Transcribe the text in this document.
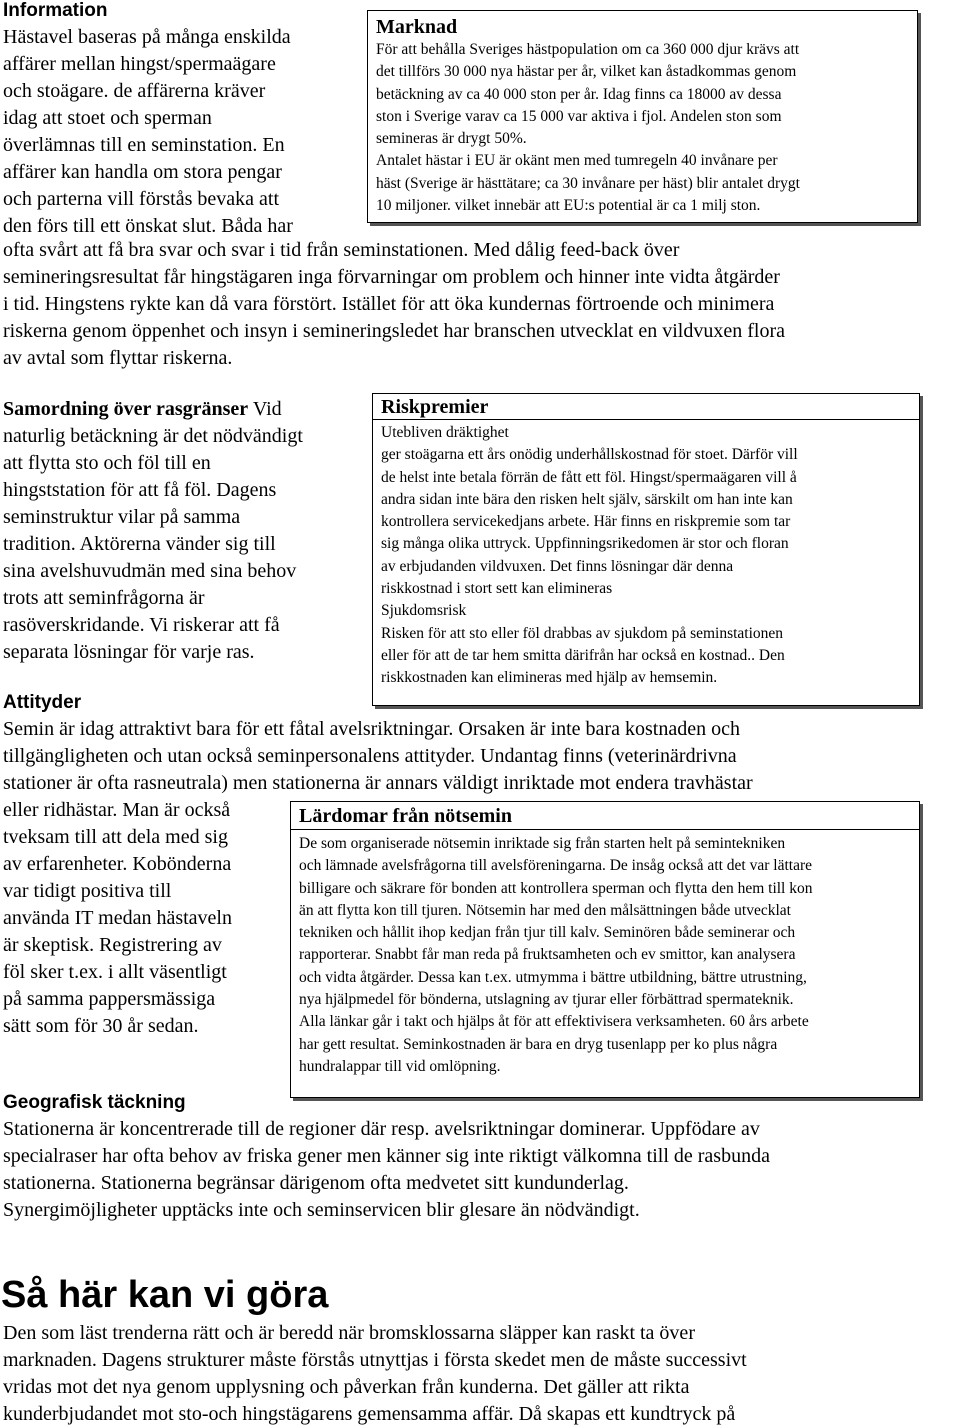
Information
Hästavel baseras på många enskilda
affärer mellan hingst/spermaägare
och stoägare. de affärerna kräver
idag att stoet och sperman
överlämnas till en seminstation. En
affärer kan handla om stora pengar
och parterna vill förstås bevaka att
den förs till ett önskat slut. Båda har
ofta svårt att få bra svar och svar i tid från seminstationen. Med dålig feed-back över
semineringsresultat får hingstägaren inga förvarningar om problem och hinner inte vidta åtgärder
i tid. Hingstens rykte kan då vara förstört. Istället för att öka kundernas förtroende och minimera
riskerna genom öppenhet och insyn i semineringsledet har branschen utvecklat en vildvuxen flora
av avtal som flyttar riskerna.

Marknad

För att behålla Sveriges hästpopulation om ca 360 000 djur krävs att
det tillförs 30 000 nya hästar per år, vilket kan åstadkommas genom
betäckning av ca 40 000 ston per år. Idag finns ca 18000 av dessa
ston i Sverige varav ca 15 000 var aktiva i fjol. Andelen ston som
semineras är drygt 50%.
Antalet hästar i EU är okänt men med tumregeln 40 invånare per
häst (Sverige är hästtätare; ca 30 invånare per häst) blir antalet drygt
10 miljoner. vilket innebär att EU:s potential är ca 1 milj ston.
Samordning över rasgränser Vid
naturlig betäckning är det nödvändigt
att flytta sto och föl till en
hingststation för att få föl. Dagens
seminstruktur vilar på samma
tradition. Aktörerna vänder sig till
sina avelshuvudmän med sina behov
trots att seminfrågorna är
rasöverskridande. Vi riskerar att få
separata lösningar för varje ras.

Riskpremier

Utebliven dräktighet
ger stoägarna ett års onödig underhållskostnad för stoet. Därför vill
de helst inte betala förrän de fått ett föl. Hingst/spermaägaren vill å
andra sidan inte bära den risken helt själv, särskilt om han inte kan
kontrollera servicekedjans arbete. Här finns en riskpremie som tar
sig många olika uttryck. Uppfinningsrikedomen är stor och floran
av erbjudanden vildvuxen. Det finns lösningar där denna
riskkostnad i stort sett kan elimineras
Sjukdomsrisk
Risken för att sto eller föl drabbas av sjukdom på seminstationen
eller för att de tar hem smitta därifrån har också en kostnad.. Den
riskkostnaden kan elimineras med hjälp av hemsemin.
Attityder
Semin är idag attraktivt bara för ett fåtal avelsriktningar. Orsaken är inte bara kostnaden och
tillgängligheten och utan också seminpersonalens attityder. Undantag finns (veterinärdrivna
stationer är ofta rasneutrala) men stationerna är annars väldigt inriktade mot endera travhästar
eller ridhästar. Man är också
tveksam till att dela med sig
av erfarenheter. Kobönderna
var tidigt positiva till
använda IT medan hästaveln
är skeptisk. Registrering av
föl sker t.ex. i allt väsentligt
på samma pappersmässiga
sätt som för 30 år sedan.

Lärdomar från nötsemin

De som organiserade nötsemin inriktade sig från starten helt på semintekniken
och lämnade avelsfrågorna till avelsföreningarna. De insåg också att det var lättare
billigare och säkrare för bonden att kontrollera sperman och flytta den hem till kon
än att flytta kon till tjuren. Nötsemin har med den målsättningen både utvecklat
tekniken och hållit ihop kedjan från tjur till kalv. Seminören både seminerar och
rapporterar. Snabbt får man reda på fruktsamheten och ev smittor, kan analysera
och vidta åtgärder. Dessa kan t.ex. utmymma i bättre utbildning, bättre utrustning,
nya hjälpmedel för bönderna, utslagning av tjurar eller förbättrad spermateknik.
Alla länkar går i takt och hjälps åt för att effektivisera verksamheten. 60 års arbete
har gett resultat. Seminkostnaden är bara en dryg tusenlapp per ko plus några
hundralappar till vid omlöpning.
Geografisk täckning
Stationerna är koncentrerade till de regioner där resp. avelsriktningar dominerar. Uppfödare av
specialraser har ofta behov av friska gener men känner sig inte riktigt välkomna till de rasbunda
stationerna. Stationerna begränsar därigenom ofta medvetet sitt kundunderlag.
Synergimöjligheter upptäcks inte och seminservicen blir glesare än nödvändigt.
Så här kan vi göra
Den som läst trenderna rätt och är beredd när bromsklossarna släpper kan raskt ta över
marknaden. Dagens strukturer måste förstås utnyttjas i första skedet men de måste successivt
vridas mot det nya genom upplysning och påverkan från kunderna. Det gäller att rikta
kunderbjudandet mot sto-och hingstägarens gemensamma affär. Då skapas ett kundtryck på
